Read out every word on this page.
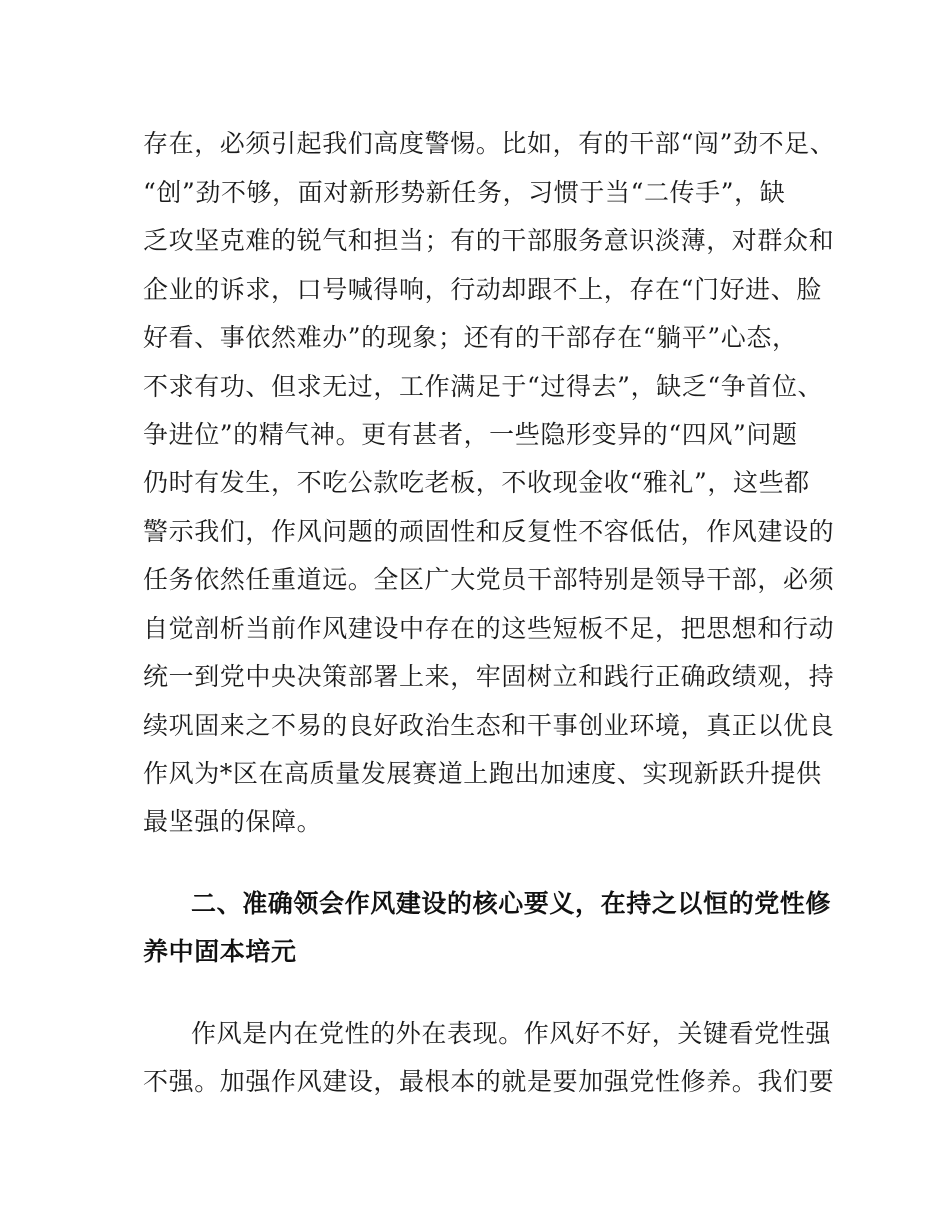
存在，必须引起我们高度警惕。比如，有的干部“闯”劲不足、
“创”劲不够，面对新形势新任务，习惯于当“二传手”，缺
乏攻坚克难的锐气和担当；有的干部服务意识淡薄，对群众和
企业的诉求，口号喊得响，行动却跟不上，存在“门好进、脸
好看、事依然难办”的现象；还有的干部存在“躺平”心态，
不求有功、但求无过，工作满足于“过得去”，缺乏“争首位、
争进位”的精气神。更有甚者，一些隐形变异的“四风”问题
仍时有发生，不吃公款吃老板，不收现金收“雅礼”，这些都
警示我们，作风问题的顽固性和反复性不容低估，作风建设的
任务依然任重道远。全区广大党员干部特别是领导干部，必须
自觉剖析当前作风建设中存在的这些短板不足，把思想和行动
统一到党中央决策部署上来，牢固树立和践行正确政绩观，持
续巩固来之不易的良好政治生态和干事创业环境，真正以优良
作风为*区在高质量发展赛道上跑出加速度、实现新跃升提供
最坚强的保障。
二、准确领会作风建设的核心要义，在持之以恒的党性修
养中固本培元
作风是内在党性的外在表现。作风好不好，关键看党性强
不强。加强作风建设，最根本的就是要加强党性修养。我们要
